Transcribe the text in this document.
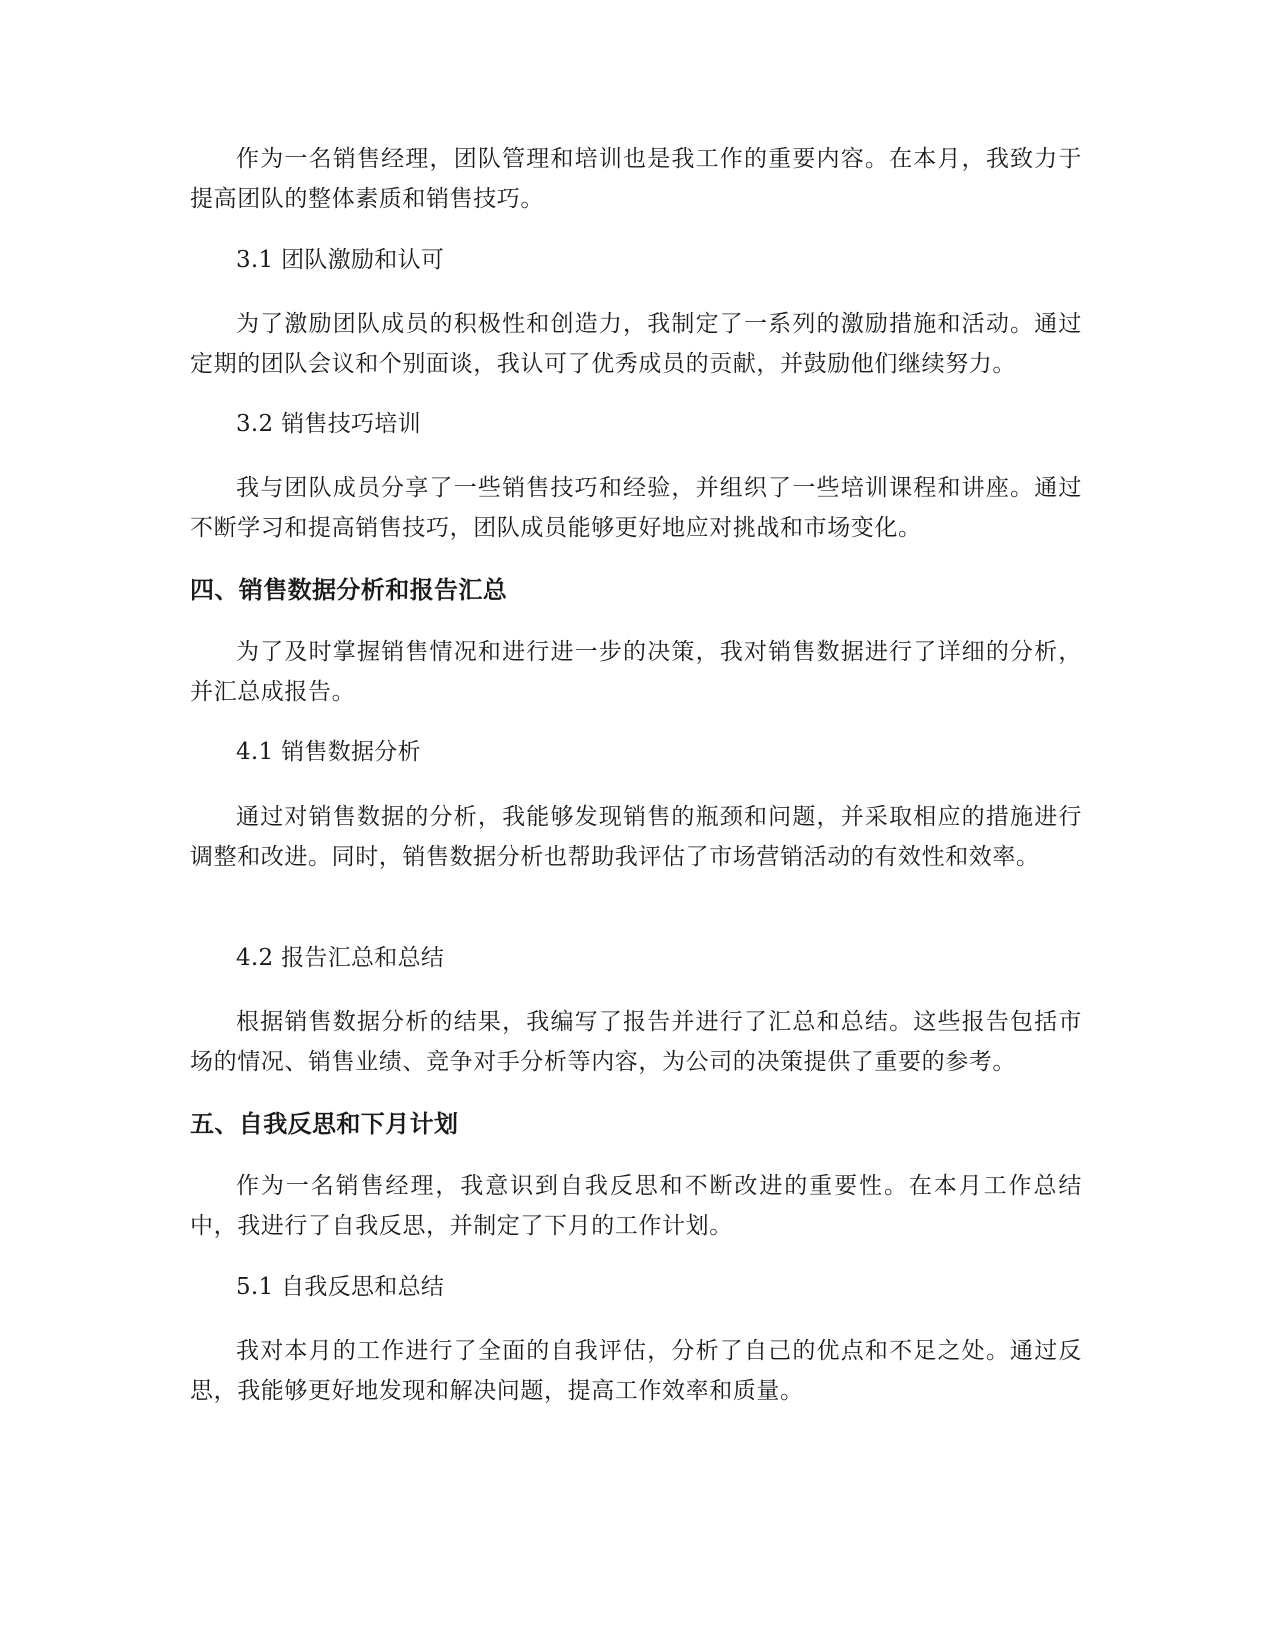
作为一名销售经理，团队管理和培训也是我工作的重要内容。在本月，我致力于提高团队的整体素质和销售技巧。

3.1 团队激励和认可

为了激励团队成员的积极性和创造力，我制定了一系列的激励措施和活动。通过定期的团队会议和个别面谈，我认可了优秀成员的贡献，并鼓励他们继续努力。

3.2 销售技巧培训

我与团队成员分享了一些销售技巧和经验，并组织了一些培训课程和讲座。通过不断学习和提高销售技巧，团队成员能够更好地应对挑战和市场变化。

四、销售数据分析和报告汇总

为了及时掌握销售情况和进行进一步的决策，我对销售数据进行了详细的分析，并汇总成报告。

4.1 销售数据分析

通过对销售数据的分析，我能够发现销售的瓶颈和问题，并采取相应的措施进行调整和改进。同时，销售数据分析也帮助我评估了市场营销活动的有效性和效率。

4.2 报告汇总和总结

根据销售数据分析的结果，我编写了报告并进行了汇总和总结。这些报告包括市场的情况、销售业绩、竞争对手分析等内容，为公司的决策提供了重要的参考。

五、自我反思和下月计划

作为一名销售经理，我意识到自我反思和不断改进的重要性。在本月工作总结中，我进行了自我反思，并制定了下月的工作计划。

5.1 自我反思和总结

我对本月的工作进行了全面的自我评估，分析了自己的优点和不足之处。通过反思，我能够更好地发现和解决问题，提高工作效率和质量。
